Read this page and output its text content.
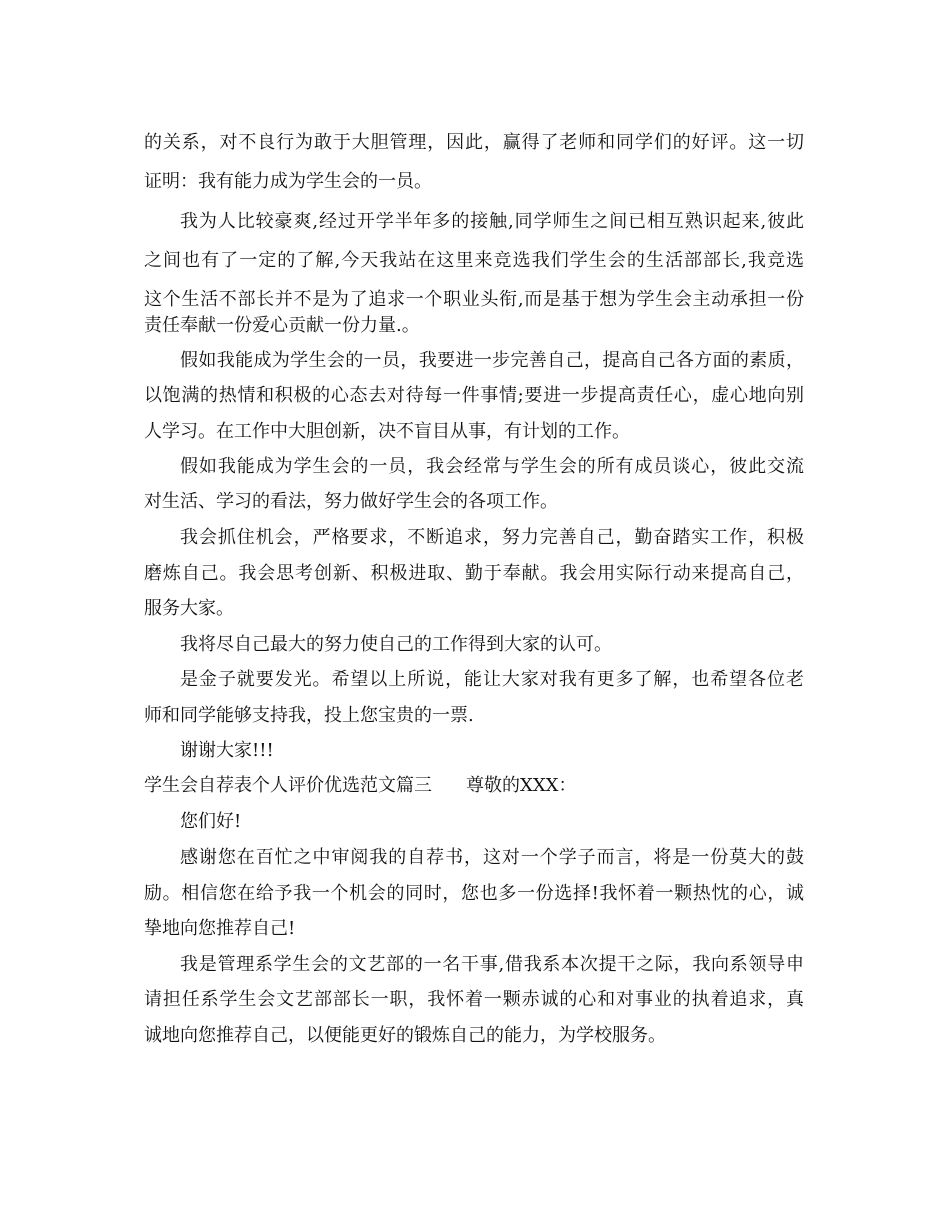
的关系，对不良行为敢于大胆管理，因此，赢得了老师和同学们的好评。这一切
证明：我有能力成为学生会的一员。
我为人比较豪爽,经过开学半年多的接触,同学师生之间已相互熟识起来,彼此
之间也有了一定的了解,今天我站在这里来竞选我们学生会的生活部部长,我竞选
这个生活不部长并不是为了追求一个职业头衔,而是基于想为学生会主动承担一份
责任奉献一份爱心贡献一份力量.。
假如我能成为学生会的一员，我要进一步完善自己，提高自己各方面的素质，
以饱满的热情和积极的心态去对待每一件事情;要进一步提高责任心，虚心地向别
人学习。在工作中大胆创新，决不盲目从事，有计划的工作。
假如我能成为学生会的一员，我会经常与学生会的所有成员谈心，彼此交流
对生活、学习的看法，努力做好学生会的各项工作。
我会抓住机会，严格要求，不断追求，努力完善自己，勤奋踏实工作，积极
磨炼自己。我会思考创新、积极进取、勤于奉献。我会用实际行动来提高自己，
服务大家。
我将尽自己最大的努力使自己的工作得到大家的认可。
是金子就要发光。希望以上所说，能让大家对我有更多了解，也希望各位老
师和同学能够支持我，投上您宝贵的一票.
谢谢大家!!!
学生会自荐表个人评价优选范文篇三 尊敬的XXX：
您们好!
感谢您在百忙之中审阅我的自荐书，这对一个学子而言，将是一份莫大的鼓
励。相信您在给予我一个机会的同时，您也多一份选择!我怀着一颗热忱的心，诚
挚地向您推荐自己!
我是管理系学生会的文艺部的一名干事,借我系本次提干之际，我向系领导申
请担任系学生会文艺部部长一职，我怀着一颗赤诚的心和对事业的执着追求，真
诚地向您推荐自己，以便能更好的锻炼自己的能力，为学校服务。
